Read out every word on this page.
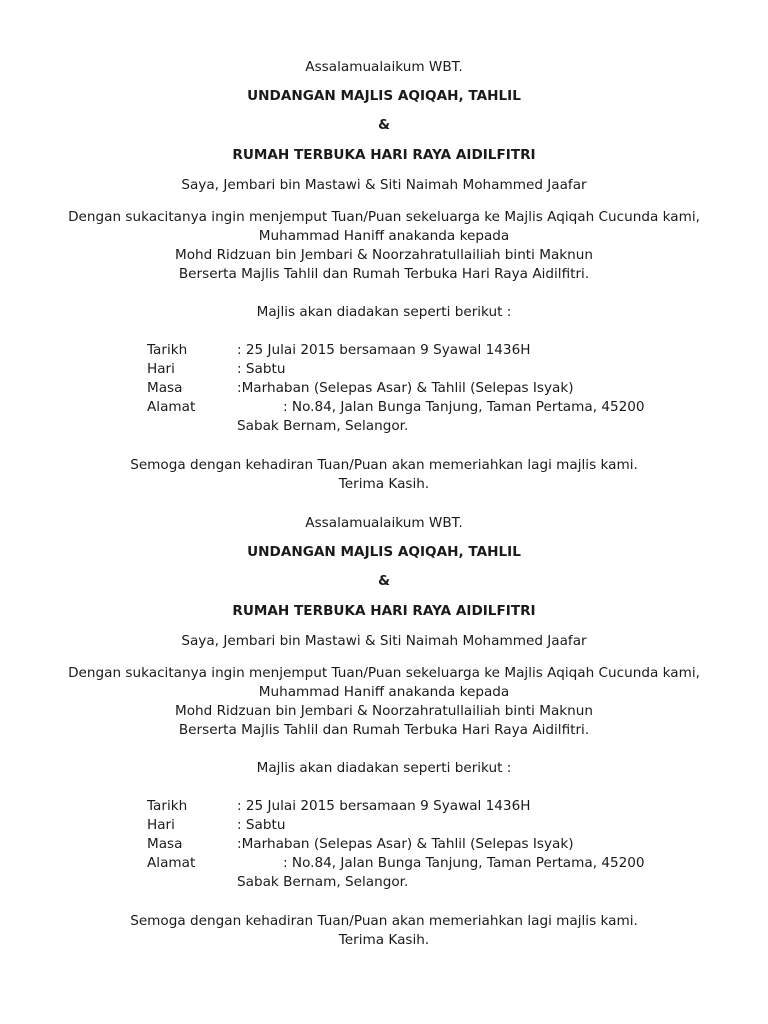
Assalamualaikum WBT.
UNDANGAN MAJLIS AQIQAH, TAHLIL
&
RUMAH TERBUKA HARI RAYA AIDILFITRI
Saya, Jembari bin Mastawi & Siti Naimah Mohammed Jaafar
Dengan sukacitanya ingin menjemput Tuan/Puan sekeluarga ke Majlis Aqiqah Cucunda kami,
Muhammad Haniff anakanda kepada
Mohd Ridzuan bin Jembari & Noorzahratullailiah binti Maknun
Berserta Majlis Tahlil dan Rumah Terbuka Hari Raya Aidilfitri.
Majlis akan diadakan seperti berikut :
Tarikh	: 25 Julai 2015 bersamaan 9 Syawal 1436H
Hari	: Sabtu
Masa	:Marhaban (Selepas Asar) & Tahlil (Selepas Isyak)
Alamat	: No.84, Jalan Bunga Tanjung, Taman Pertama, 45200
Sabak Bernam, Selangor.
Semoga dengan kehadiran Tuan/Puan akan memeriahkan lagi majlis kami.
Terima Kasih.
Assalamualaikum WBT.
UNDANGAN MAJLIS AQIQAH, TAHLIL
&
RUMAH TERBUKA HARI RAYA AIDILFITRI
Saya, Jembari bin Mastawi & Siti Naimah Mohammed Jaafar
Dengan sukacitanya ingin menjemput Tuan/Puan sekeluarga ke Majlis Aqiqah Cucunda kami,
Muhammad Haniff anakanda kepada
Mohd Ridzuan bin Jembari & Noorzahratullailiah binti Maknun
Berserta Majlis Tahlil dan Rumah Terbuka Hari Raya Aidilfitri.
Majlis akan diadakan seperti berikut :
Tarikh	: 25 Julai 2015 bersamaan 9 Syawal 1436H
Hari	: Sabtu
Masa	:Marhaban (Selepas Asar) & Tahlil (Selepas Isyak)
Alamat	: No.84, Jalan Bunga Tanjung, Taman Pertama, 45200
Sabak Bernam, Selangor.
Semoga dengan kehadiran Tuan/Puan akan memeriahkan lagi majlis kami.
Terima Kasih.
